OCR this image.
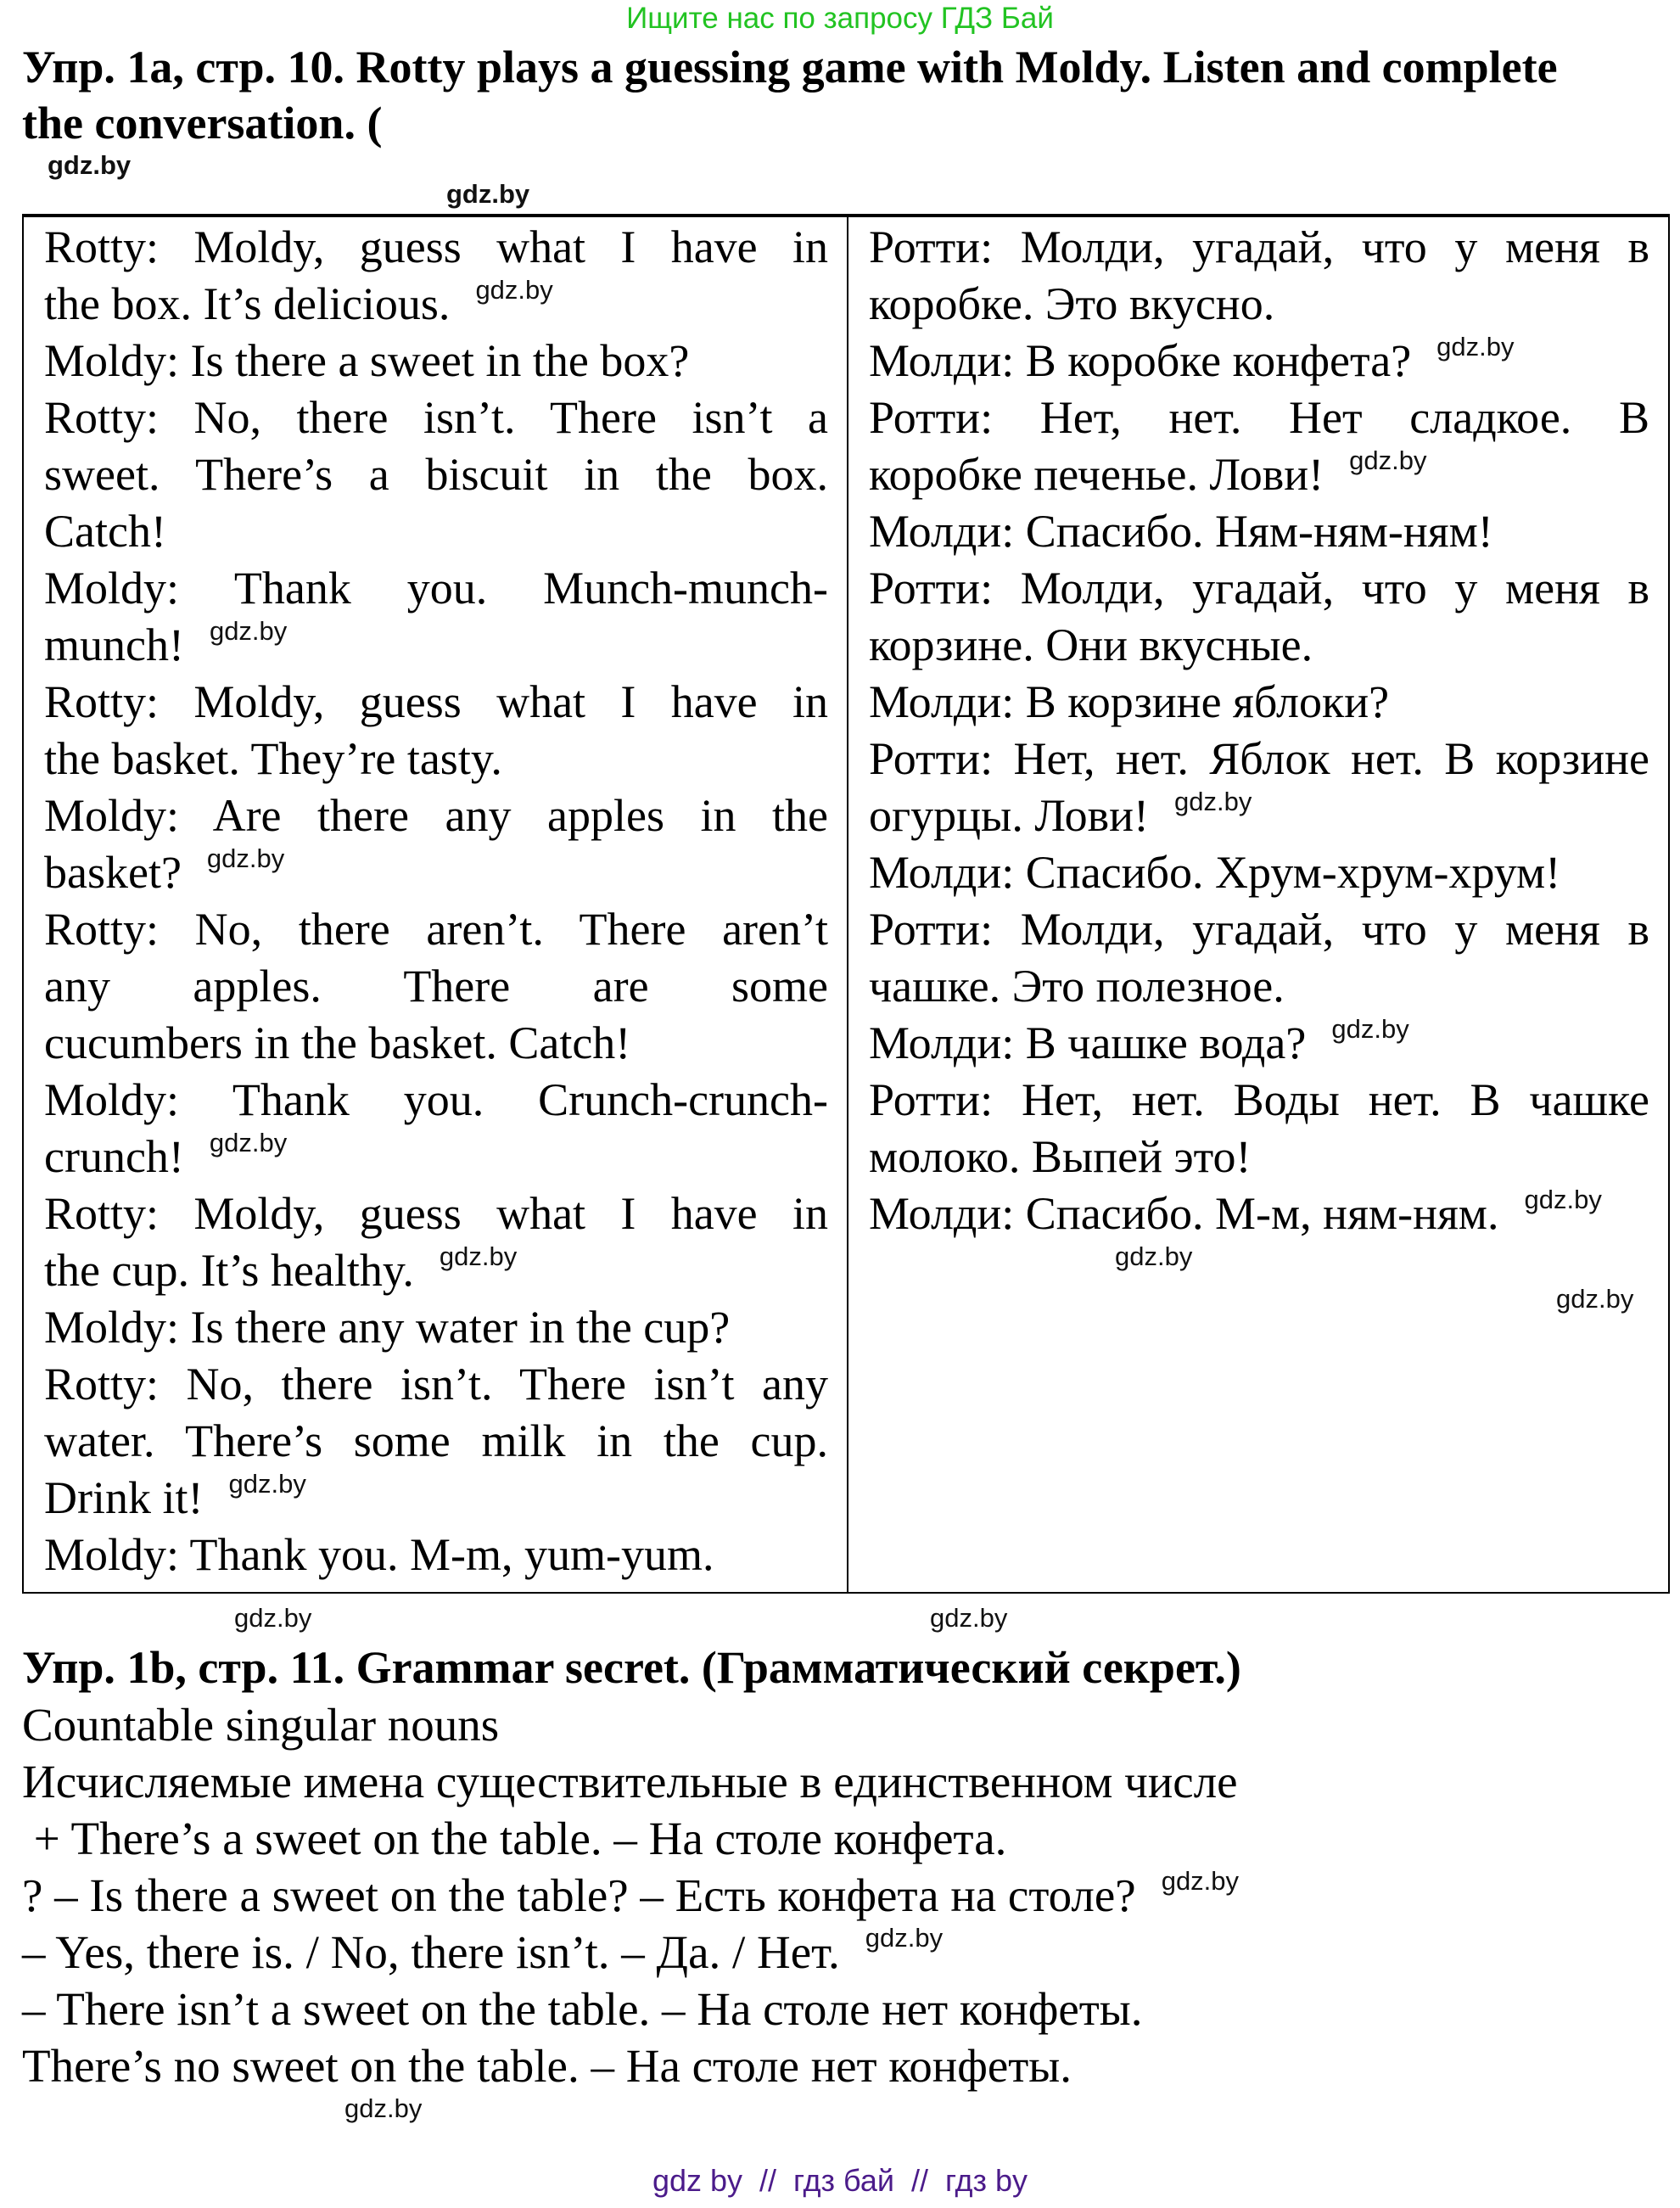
Ищите нас по запросу ГДЗ Бай
Упр. 1a, стр. 10. Rotty plays a guessing game with Moldy. Listen and complete
the conversation. (
gdz.by
gdz.by
Rotty: Moldy, guess what I have in
the box. It’s delicious. gdz.by
Moldy: Is there a sweet in the box?
Rotty: No, there isn’t. There isn’t a
sweet. There’s a biscuit in the box.
Catch!
Moldy: Thank you. Munch-munch-
munch! gdz.by
Rotty: Moldy, guess what I have in
the basket. They’re tasty.
Moldy: Are there any apples in the
basket? gdz.by
Rotty: No, there aren’t. There aren’t
any apples. There are some
cucumbers in the basket. Catch!
Moldy: Thank you. Crunch-crunch-
crunch! gdz.by
Rotty: Moldy, guess what I have in
the cup. It’s healthy. gdz.by
Moldy: Is there any water in the cup?
Rotty: No, there isn’t. There isn’t any
water. There’s some milk in the cup.
Drink it! gdz.by
Moldy: Thank you. M-m, yum-yum.

Ротти: Молди, угадай, что у меня в
коробке. Это вкусно.
Молди: В коробке конфета? gdz.by
Ротти: Нет, нет. Нет сладкое. В
коробке печенье. Лови! gdz.by
Молди: Спасибо. Ням-ням-ням!
Ротти: Молди, угадай, что у меня в
корзине. Они вкусные.
Молди: В корзине яблоки?
Ротти: Нет, нет. Яблок нет. В корзине
огурцы. Лови! gdz.by
Молди: Спасибо. Хрум-хрум-хрум!
Ротти: Молди, угадай, что у меня в
чашке. Это полезное.
Молди: В чашке вода? gdz.by
Ротти: Нет, нет. Воды нет. В чашке
молоко. Выпей это!
Молди: Спасибо. М-м, ням-ням. gdz.by
gdz.by
gdz.by
gdz.by	gdz.by
Упр. 1b, стр. 11. Grammar secret. (Грамматический секрет.)
Countable singular nouns
Исчисляемые имена существительные в единственном числе
+ There’s a sweet on the table. – На столе конфета.
? – Is there a sweet on the table? – Есть конфета на столе? gdz.by
– Yes, there is. / No, there isn’t. – Да. / Нет. gdz.by
– There isn’t a sweet on the table. – На столе нет конфеты.
There’s no sweet on the table. – На столе нет конфеты.
gdz.by
gdz by  //  гдз бай  //  гдз by
